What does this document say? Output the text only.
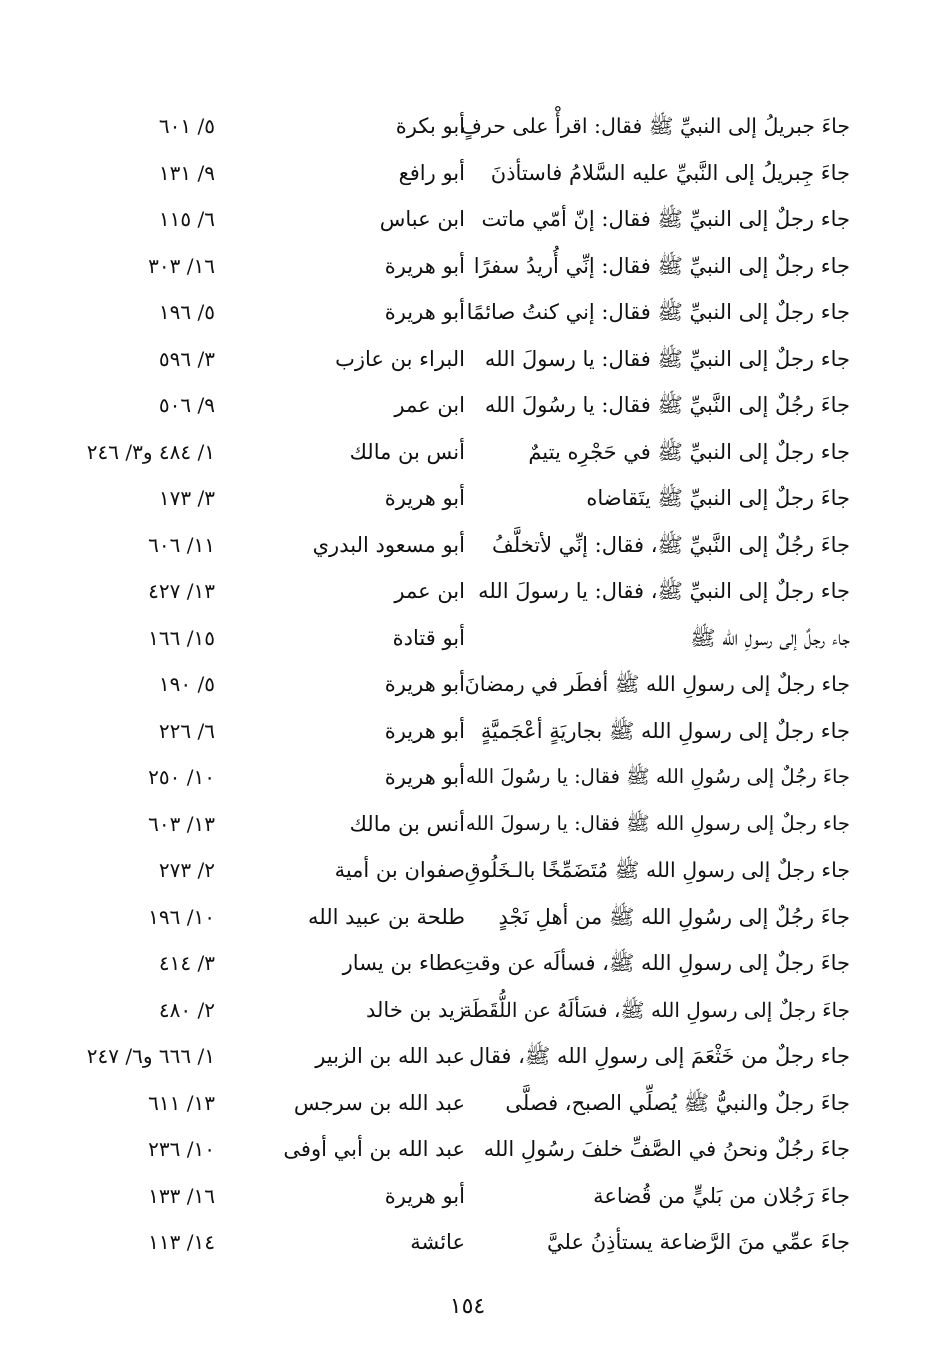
جاءَ جبريلُ إلى النبيِّ ﷺ فقال: اقرأْ على حرفٍ
أبو بكرة
٥/ ٦٠١
جاءَ جِبريلُ إلى النَّبيِّ عليه السَّلامُ فاستأذنَ
أبو رافع
٩/ ١٣١
جاء رجلٌ إلى النبيِّ ﷺ فقال: إنّ أمّي ماتت
ابن عباس
٦/ ١١٥
جاء رجلٌ إلى النبيِّ ﷺ فقال: إنِّي أُريدُ سفرًا
أبو هريرة
١٦/ ٣٠٣
جاء رجلٌ إلى النبيِّ ﷺ فقال: إني كنتُ صائمًا
أبو هريرة
٥/ ١٩٦
جاء رجلٌ إلى النبيِّ ﷺ فقال: يا رسولَ الله
البراء بن عازب
٣/ ٥٩٦
جاءَ رجُلٌ إلى النَّبيِّ ﷺ فقال: يا رسُولَ الله
ابن عمر
٩/ ٥٠٦
جاء رجلٌ إلى النبيِّ ﷺ في حَجْرِه يتيمٌ
أنس بن مالك
١/ ٤٨٤ و٣/ ٢٤٦
جاءَ رجلٌ إلى النبيِّ ﷺ يتَقاضاه
أبو هريرة
٣/ ١٧٣
جاءَ رجُلٌ إلى النَّبيِّ ﷺ، فقال: إنِّي لأتخلَّفُ
أبو مسعود البدري
١١/ ٦٠٦
جاء رجلٌ إلى النبيِّ ﷺ، فقال: يا رسولَ الله
ابن عمر
١٣/ ٤٢٧
جاء رجلٌ إلى رسولِ الله ﷺ
أبو قتادة
١٥/ ١٦٦
جاء رجلٌ إلى رسولِ الله ﷺ أفطَر في رمضانَ
أبو هريرة
٥/ ١٩٠
جاء رجلٌ إلى رسولِ الله ﷺ بجاريَةٍ أعْجَميَّةٍ
أبو هريرة
٦/ ٢٢٦
جاءَ رجُلٌ إلى رسُولِ الله ﷺ فقال: يا رسُولَ الله
أبو هريرة
١٠/ ٢٥٠
جاء رجلٌ إلى رسولِ الله ﷺ فقال: يا رسولَ الله
أنس بن مالك
١٣/ ٦٠٣
جاء رجلٌ إلى رسولِ الله ﷺ مُتَضَمِّخًا بالـخَلُوقِ
صفوان بن أمية
٢/ ٢٧٣
جاءَ رجُلٌ إلى رسُولِ الله ﷺ من أهلِ نَجْدٍ
طلحة بن عبيد الله
١٠/ ١٩٦
جاءَ رجلٌ إلى رسولِ الله ﷺ، فسألَه عن وقتِ
عطاء بن يسار
٣/ ٤١٤
جاءَ رجلٌ إلى رسولِ الله ﷺ، فسَألَهُ عن اللُّقَطَة
زيد بن خالد
٢/ ٤٨٠
جاء رجلٌ من خَثْعَمَ إلى رسولِ الله ﷺ، فقال
عبد الله بن الزبير
١/ ٦٦٦ و٦/ ٢٤٧
جاءَ رجلٌ والنبيُّ ﷺ يُصلِّي الصبح، فصلَّى
عبد الله بن سرجس
١٣/ ٦١١
جاءَ رجُلٌ ونحنُ في الصَّفِّ خلفَ رسُولِ الله
عبد الله بن أبي أوفى
١٠/ ٢٣٦
جاءَ رَجُلان من بَليٍّ من قُضاعة
أبو هريرة
١٦/ ١٣٣
جاءَ عمِّي منَ الرَّضاعة يستأذِنُ عليَّ
عائشة
١٤/ ١١٣
١٥٤
